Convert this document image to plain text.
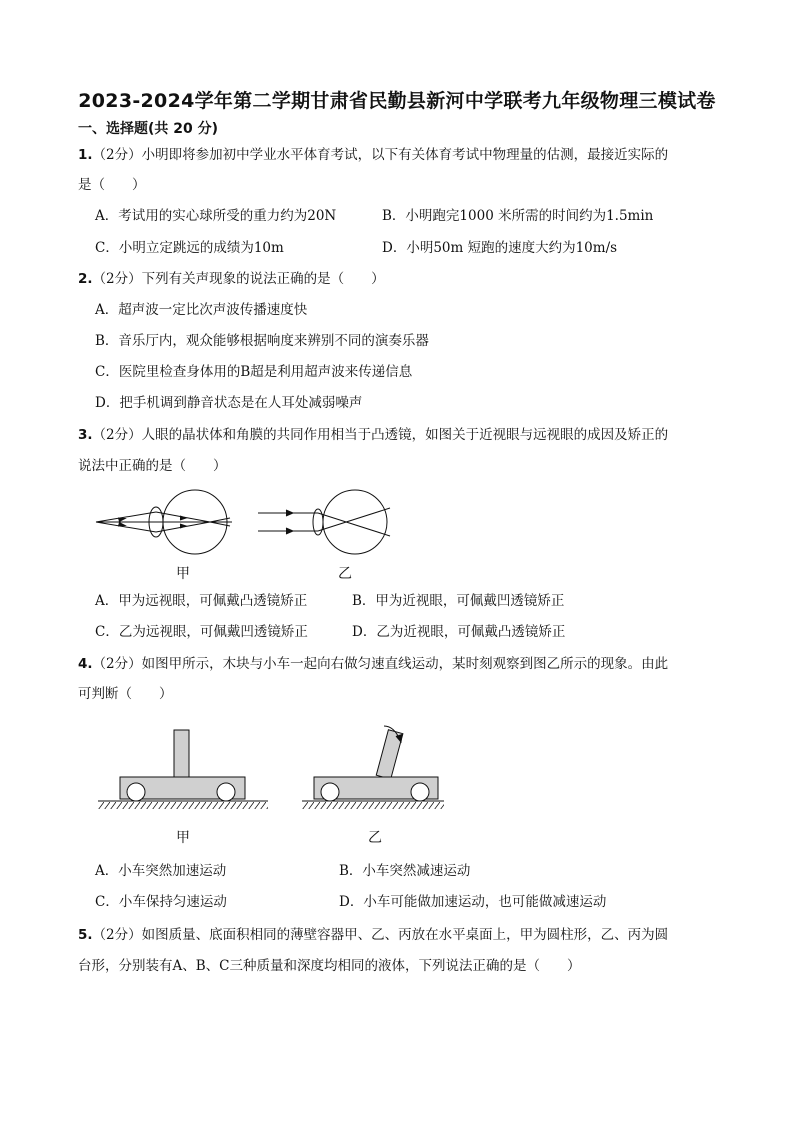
2023-2024学年第二学期甘肃省民勤县新河中学联考九年级物理三模试卷
一、选择题(共 20 分)
1.（2分）小明即将参加初中学业水平体育考试，以下有关体育考试中物理量的估测，最接近实际的
是（　　）
A．考试用的实心球所受的重力约为20N	B．小明跑完1000 米所需的时间约为1.5min
C．小明立定跳远的成绩为10m	D．小明50m 短跑的速度大约为10m/s
2.（2分）下列有关声现象的说法正确的是（　　）
A．超声波一定比次声波传播速度快
B．音乐厅内，观众能够根据响度来辨别不同的演奏乐器
C．医院里检查身体用的B超是利用超声波来传递信息
D．把手机调到静音状态是在人耳处减弱噪声
3.（2分）人眼的晶状体和角膜的共同作用相当于凸透镜，如图关于近视眼与远视眼的成因及矫正的
说法中正确的是（　　）
甲	乙
A．甲为远视眼，可佩戴凸透镜矫正	B．甲为近视眼，可佩戴凹透镜矫正
C．乙为远视眼，可佩戴凹透镜矫正	D．乙为近视眼，可佩戴凸透镜矫正
4.（2分）如图甲所示，木块与小车一起向右做匀速直线运动，某时刻观察到图乙所示的现象。由此
可判断（　　）
甲	乙
A．小车突然加速运动	B．小车突然减速运动
C．小车保持匀速运动	D．小车可能做加速运动，也可能做减速运动
5.（2分）如图质量、底面积相同的薄壁容器甲、乙、丙放在水平桌面上，甲为圆柱形，乙、丙为圆
台形，分别装有A、B、C三种质量和深度均相同的液体，下列说法正确的是（　　）
